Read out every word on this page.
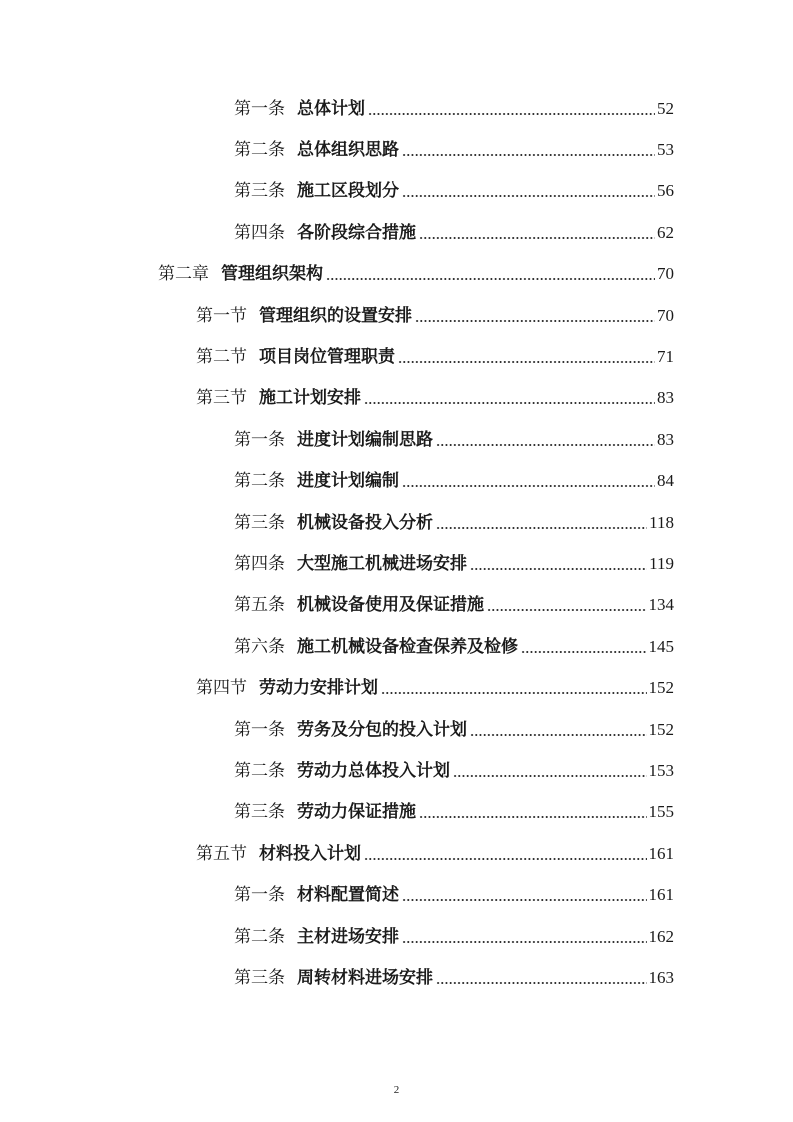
第一条 总体计划	52
第二条 总体组织思路	53
第三条 施工区段划分	56
第四条 各阶段综合措施	62
第二章 管理组织架构	70
第一节 管理组织的设置安排	70
第二节 项目岗位管理职责	71
第三节 施工计划安排	83
第一条 进度计划编制思路	83
第二条 进度计划编制	84
第三条 机械设备投入分析	118
第四条 大型施工机械进场安排	119
第五条 机械设备使用及保证措施	134
第六条 施工机械设备检查保养及检修	145
第四节 劳动力安排计划	152
第一条 劳务及分包的投入计划	152
第二条 劳动力总体投入计划	153
第三条 劳动力保证措施	155
第五节 材料投入计划	161
第一条 材料配置简述	161
第二条 主材进场安排	162
第三条 周转材料进场安排	163
2
